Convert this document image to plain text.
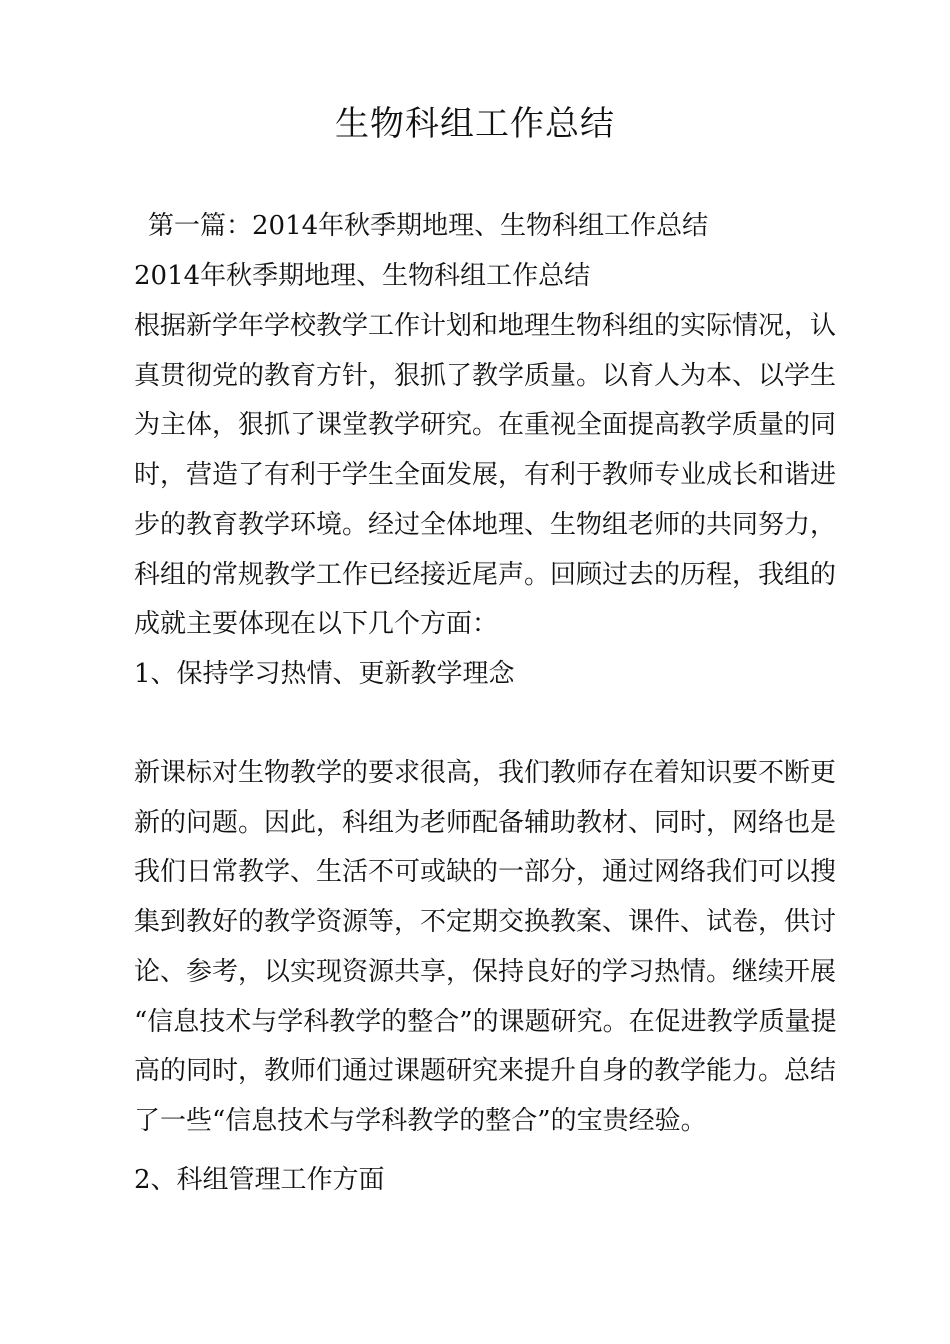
生物科组工作总结
第一篇：2014年秋季期地理、生物科组工作总结
2014年秋季期地理、生物科组工作总结
根据新学年学校教学工作计划和地理生物科组的实际情况，认
真贯彻党的教育方针，狠抓了教学质量。以育人为本、以学生
为主体，狠抓了课堂教学研究。在重视全面提高教学质量的同
时，营造了有利于学生全面发展，有利于教师专业成长和谐进
步的教育教学环境。经过全体地理、生物组老师的共同努力，
科组的常规教学工作已经接近尾声。回顾过去的历程，我组的
成就主要体现在以下几个方面：
1、保持学习热情、更新教学理念
新课标对生物教学的要求很高，我们教师存在着知识要不断更
新的问题。因此，科组为老师配备辅助教材、同时，网络也是
我们日常教学、生活不可或缺的一部分，通过网络我们可以搜
集到教好的教学资源等，不定期交换教案、课件、试卷，供讨
论、参考，以实现资源共享，保持良好的学习热情。继续开展
“信息技术与学科教学的整合”的课题研究。在促进教学质量提
高的同时，教师们通过课题研究来提升自身的教学能力。总结
了一些“信息技术与学科教学的整合”的宝贵经验。
2、科组管理工作方面
